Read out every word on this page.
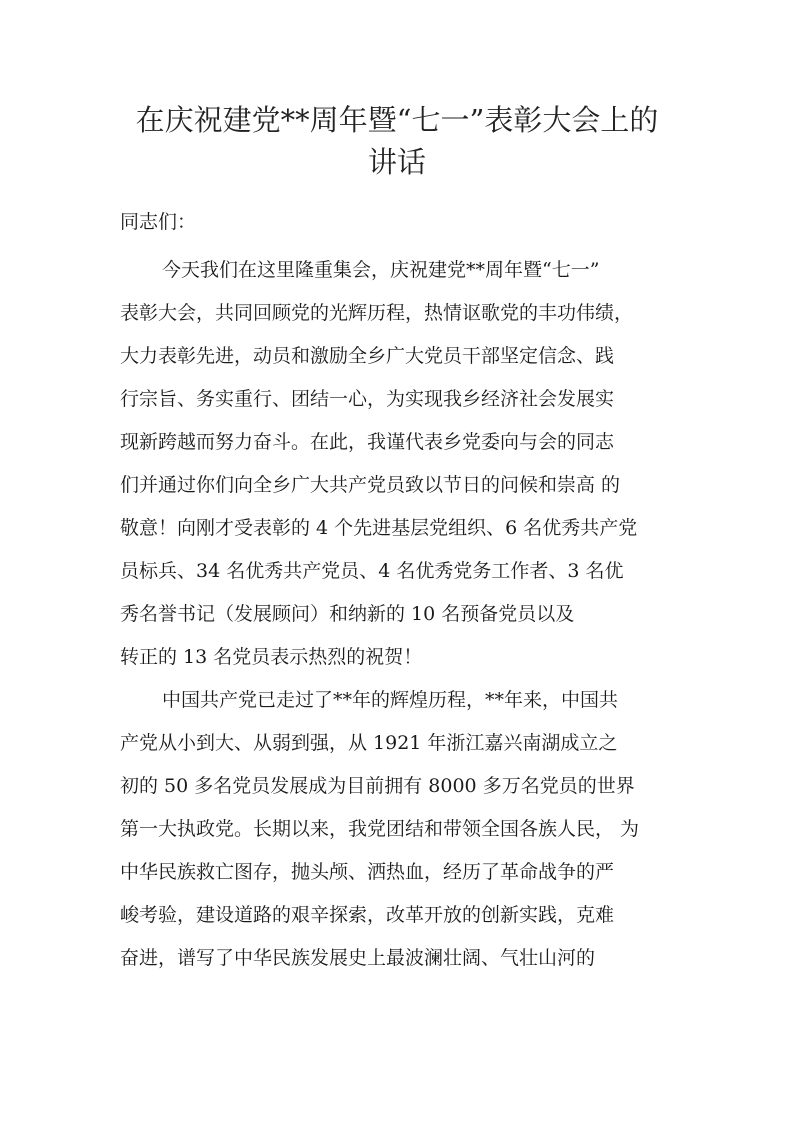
在庆祝建党**周年暨“七一”表彰大会上的
讲话
同志们：
今天我们在这里隆重集会，庆祝建党**周年暨“七一”
表彰大会，共同回顾党的光辉历程，热情讴歌党的丰功伟绩，
大力表彰先进，动员和激励全乡广大党员干部坚定信念、践
行宗旨、务实重行、团结一心，为实现我乡经济社会发展实
现新跨越而努力奋斗。在此，我谨代表乡党委向与会的同志
们并通过你们向全乡广大共产党员致以节日的问候和崇高 的
敬意！向刚才受表彰的 4 个先进基层党组织、6 名优秀共产党
员标兵、34 名优秀共产党员、4 名优秀党务工作者、3 名优
秀名誉书记（发展顾问）和纳新的 10 名预备党员以及
转正的 13 名党员表示热烈的祝贺！
中国共产党已走过了**年的辉煌历程，**年来，中国共
产党从小到大、从弱到强，从 1921 年浙江嘉兴南湖成立之
初的 50 多名党员发展成为目前拥有 8000 多万名党员的世界
第一大执政党。长期以来，我党团结和带领全国各族人民， 为
中华民族救亡图存，抛头颅、洒热血，经历了革命战争的严
峻考验，建设道路的艰辛探索，改革开放的创新实践，克难
奋进，谱写了中华民族发展史上最波澜壮阔、气壮山河的
